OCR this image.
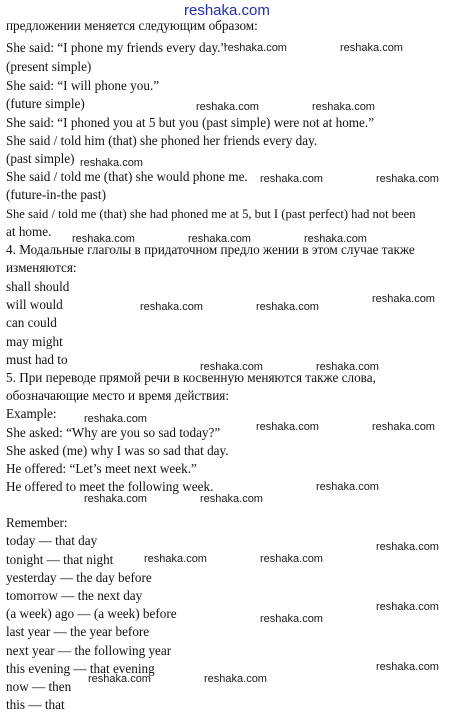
reshaka.com
предложении меняется следующим образом:
She said: “I phone my friends every day.”
(present simple)
She said: “I will phone you.”
(future simple)
She said: “I phoned you at 5 but you (past simple) were not at home.”
She said / told him (that) she phoned her friends every day.
(past simple)
She said / told me (that) she would phone me.
(future-in-the past)
She said / told me (that) she had phoned me at 5, but I (past perfect) had not been
at home.
4. Модальные глаголы в придаточном предло жении в этом случае также
изменяются:
shall should
will would
can could
may might
must had to
5. При переводе прямой речи в косвенную меняются также слова,
обозначающие место и время действия:
Example:
She asked: “Why are you so sad today?”
She asked (me) why I was so sad that day.
He offered: “Let’s meet next week.”
He offered to meet the following week.
Remember:
today — that day
tonight — that night
yesterday — the day before
tomorrow — the next day
(a week) ago — (a week) before
last year — the year before
next year — the following year
this evening — that evening
now — then
this — that
reshaka.com	reshaka.com
reshaka.com	reshaka.com
reshaka.com
reshaka.com	reshaka.com
reshaka.com	reshaka.com	reshaka.com
reshaka.com	reshaka.com
reshaka.com
reshaka.com	reshaka.com
reshaka.com
reshaka.com	reshaka.com
reshaka.com
reshaka.com	reshaka.com
reshaka.com
reshaka.com	reshaka.com
reshaka.com
reshaka.com
reshaka.com
reshaka.com	reshaka.com
